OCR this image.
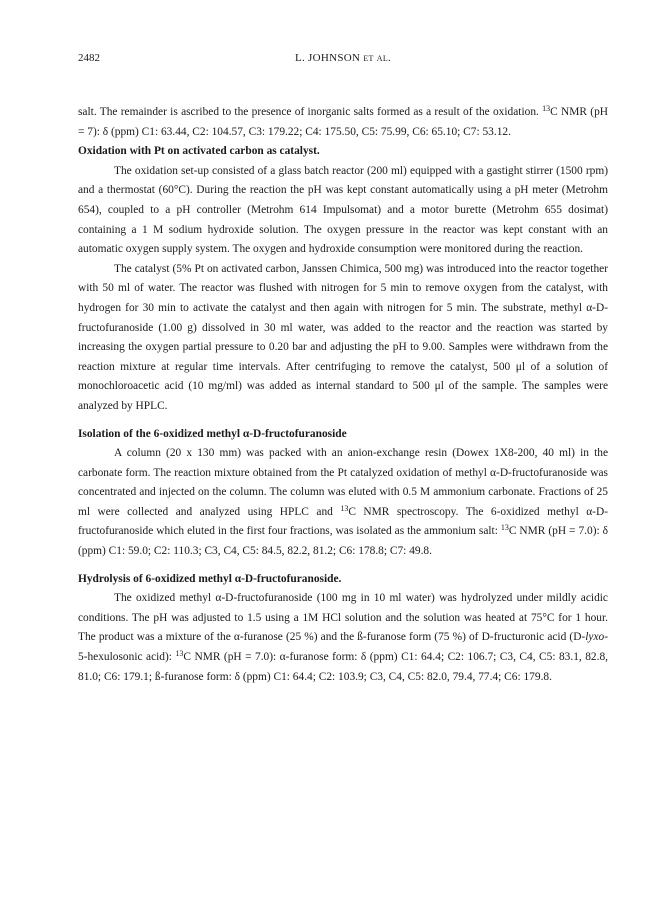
2482	L. JOHNSON et al.

salt. The remainder is ascribed to the presence of inorganic salts formed as a result of the oxidation. $^{13}$C NMR (pH = 7): δ (ppm) C1: 63.44, C2: 104.57, C3: 179.22; C4: 175.50, C5: 75.99, C6: 65.10; C7: 53.12.

Oxidation with Pt on activated carbon as catalyst.

The oxidation set-up consisted of a glass batch reactor (200 ml) equipped with a gastight stirrer (1500 rpm) and a thermostat (60°C). During the reaction the pH was kept constant automatically using a pH meter (Metrohm 654), coupled to a pH controller (Metrohm 614 Impulsomat) and a motor burette (Metrohm 655 dosimat) containing a 1 M sodium hydroxide solution. The oxygen pressure in the reactor was kept constant with an automatic oxygen supply system. The oxygen and hydroxide consumption were monitored during the reaction.

The catalyst (5% Pt on activated carbon, Janssen Chimica, 500 mg) was introduced into the reactor together with 50 ml of water. The reactor was flushed with nitrogen for 5 min to remove oxygen from the catalyst, with hydrogen for 30 min to activate the catalyst and then again with nitrogen for 5 min. The substrate, methyl α-D-fructofuranoside (1.00 g) dissolved in 30 ml water, was added to the reactor and the reaction was started by increasing the oxygen partial pressure to 0.20 bar and adjusting the pH to 9.00. Samples were withdrawn from the reaction mixture at regular time intervals. After centrifuging to remove the catalyst, 500 μl of a solution of monochloroacetic acid (10 mg/ml) was added as internal standard to 500 μl of the sample. The samples were analyzed by HPLC.

Isolation of the 6-oxidized methyl α-D-fructofuranoside

A column (20 x 130 mm) was packed with an anion-exchange resin (Dowex 1X8-200, 40 ml) in the carbonate form. The reaction mixture obtained from the Pt catalyzed oxidation of methyl α-D-fructofuranoside was concentrated and injected on the column. The column was eluted with 0.5 M ammonium carbonate. Fractions of 25 ml were collected and analyzed using HPLC and $^{13}$C NMR spectroscopy. The 6-oxidized methyl α-D-fructofuranoside which eluted in the first four fractions, was isolated as the ammonium salt: $^{13}$C NMR (pH = 7.0): δ (ppm) C1: 59.0; C2: 110.3; C3, C4, C5: 84.5, 82.2, 81.2; C6: 178.8; C7: 49.8.

Hydrolysis of 6-oxidized methyl α-D-fructofuranoside.

The oxidized methyl α-D-fructofuranoside (100 mg in 10 ml water) was hydrolyzed under mildly acidic conditions. The pH was adjusted to 1.5 using a 1M HCl solution and the solution was heated at 75°C for 1 hour. The product was a mixture of the α-furanose (25 %) and the ß-furanose form (75 %) of D-fructuronic acid (D-lyxo-5-hexulosonic acid): $^{13}$C NMR (pH = 7.0): α-furanose form: δ (ppm) C1: 64.4; C2: 106.7; C3, C4, C5: 83.1, 82.8, 81.0; C6: 179.1; ß-furanose form: δ (ppm) C1: 64.4; C2: 103.9; C3, C4, C5: 82.0, 79.4, 77.4; C6: 179.8.
